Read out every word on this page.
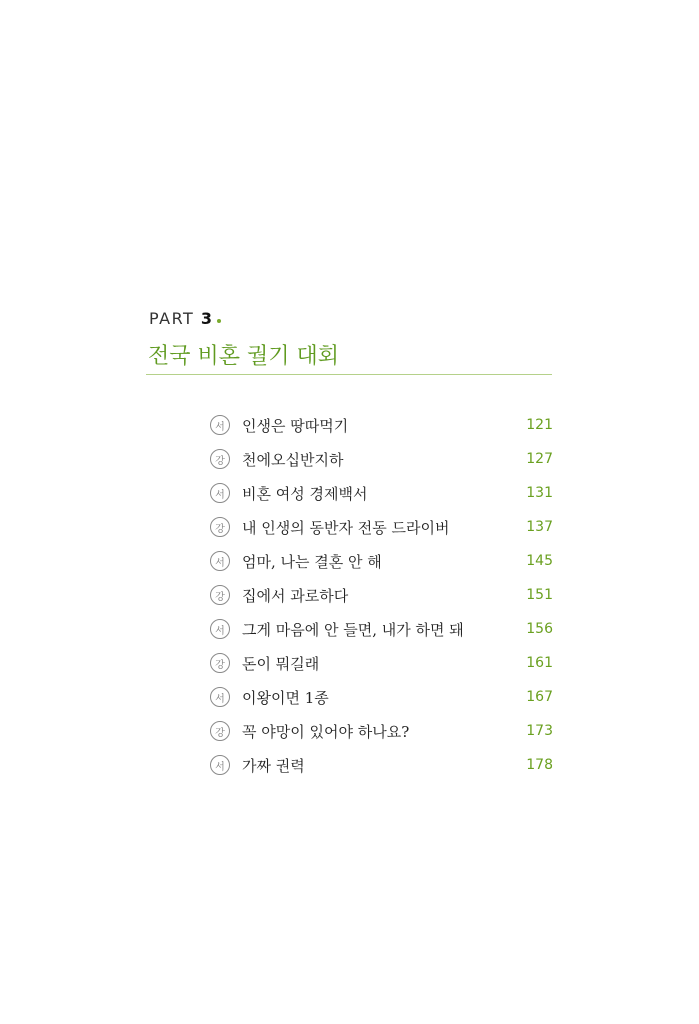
PART 3
전국 비혼 궐기 대회
서	인생은 땅따먹기	121
강	천에오십반지하	127
서	비혼 여성 경제백서	131
강	내 인생의 동반자 전동 드라이버	137
서	엄마, 나는 결혼 안 해	145
강	집에서 과로하다	151
서	그게 마음에 안 들면, 내가 하면 돼	156
강	돈이 뭐길래	161
서	이왕이면 1종	167
강	꼭 야망이 있어야 하나요?	173
서	가짜 권력	178
